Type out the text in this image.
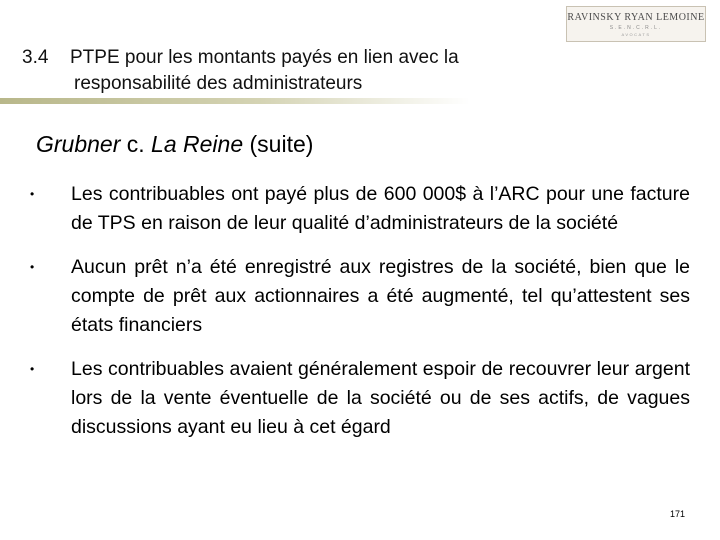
RAVINSKY RYAN LEMOINE
S.E.N.C.R.L.
AVOCATS
3.4 PTPE pour les montants payés en lien avec la
responsabilité des administrateurs
Grubner c. La Reine (suite)
• Les contribuables ont payé plus de 600 000$ à l’ARC pour une facture de TPS en raison de leur qualité d’administrateurs de la société
• Aucun prêt n’a été enregistré aux registres de la société, bien que le compte de prêt aux actionnaires a été augmenté, tel qu’attestent ses états financiers
• Les contribuables avaient généralement espoir de recouvrer leur argent lors de la vente éventuelle de la société ou de ses actifs, de vagues discussions ayant eu lieu à cet égard
171
